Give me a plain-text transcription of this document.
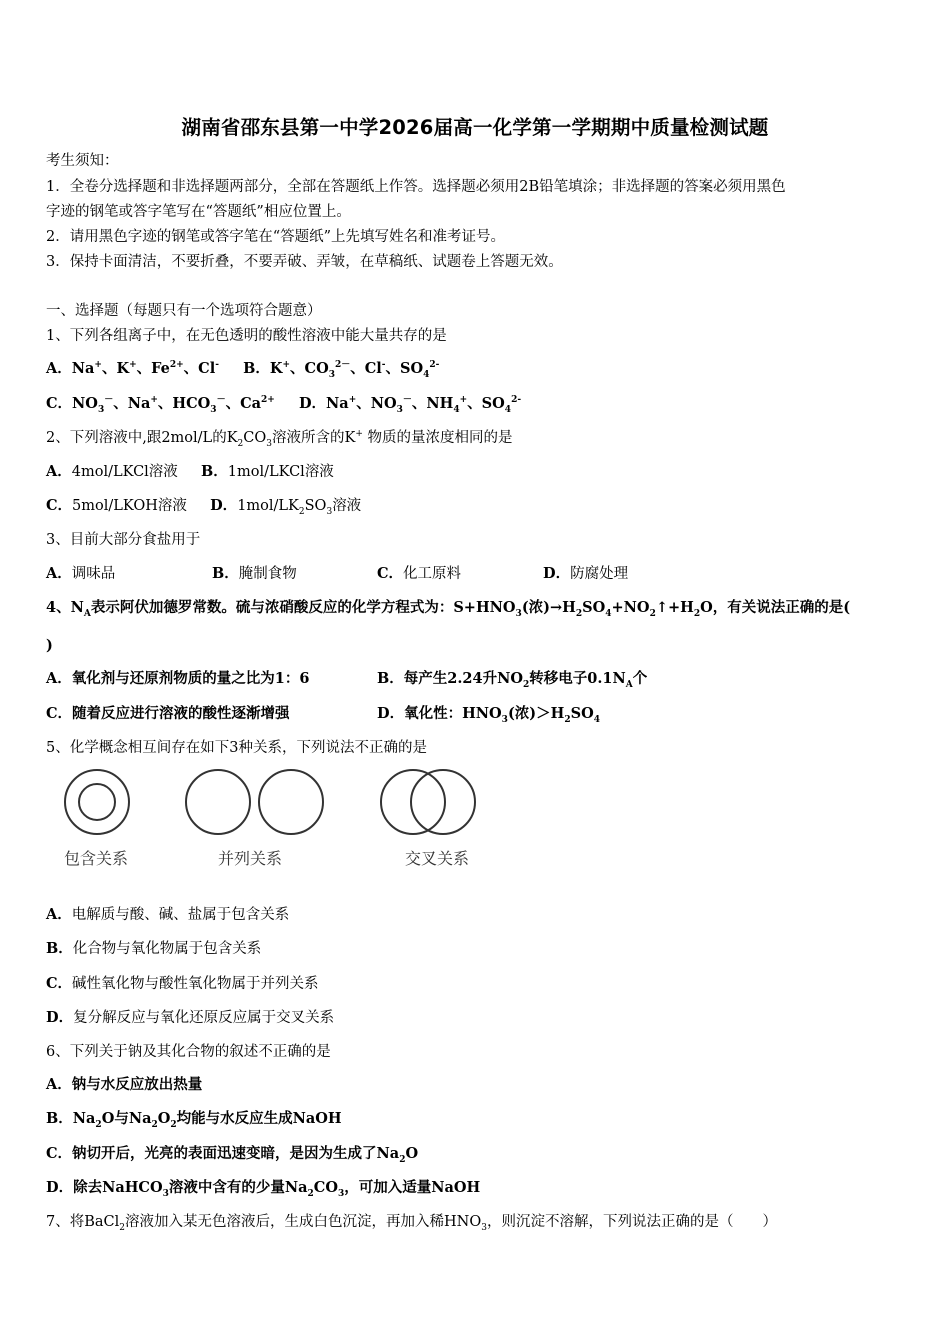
湖南省邵东县第一中学2026届高一化学第一学期期中质量检测试题
考生须知：
1．全卷分选择题和非选择题两部分，全部在答题纸上作答。选择题必须用2B铅笔填涂；非选择题的答案必须用黑色
字迹的钢笔或答字笔写在“答题纸”相应位置上。
2．请用黑色字迹的钢笔或答字笔在“答题纸”上先填写姓名和准考证号。
3．保持卡面清洁，不要折叠，不要弄破、弄皱，在草稿纸、试题卷上答题无效。
一、选择题（每题只有一个选项符合题意）
1、下列各组离子中，在无色透明的酸性溶液中能大量共存的是
A．Na+、K+、$Fe^{2+}$、Cl- B．K+、$CO_3^{2-}$、Cl-、$SO_4^{2-}$
C．$NO_3^-$、Na+、$HCO_3^-$、$Ca^{2+}$ D．Na+、$NO_3^-$、$NH_4^+$、$SO_4^{2-}$
2、下列溶液中,跟2mol/L的$K_2CO_3$溶液所含的K+ 物质的量浓度相同的是
A．4mol/LKCl溶液 B．1mol/LKCl溶液
C．5mol/LKOH溶液 D．$1mol/LK_2SO_3$溶液
3、目前大部分食盐用于
A．调味品	B．腌制食物	C．化工原料	D．防腐处理
4、$N_A$表示阿伏加德罗常数。硫与浓硝酸反应的化学方程式为：$S+HNO_3$(浓)$\to H_2SO_4+NO_2↑+H_2O$，有关说法正确的是(
)
A．氧化剂与还原剂物质的量之比为1：6	B．每产生2.24升$NO_2$转移电子$0.1N_A$个
C．随着反应进行溶液的酸性逐渐增强	D．氧化性：$HNO_3$(浓)$>H_2SO_4$
5、化学概念相互间存在如下3种关系，下列说法不正确的是
包含关系	并列关系	交叉关系
A．电解质与酸、碱、盐属于包含关系
B．化合物与氧化物属于包含关系
C．碱性氧化物与酸性氧化物属于并列关系
D．复分解反应与氧化还原反应属于交叉关系
6、下列关于钠及其化合物的叙述不正确的是
A．钠与水反应放出热量
B．$Na_2O$与$Na_2O_2$均能与水反应生成NaOH
C．钠切开后，光亮的表面迅速变暗，是因为生成了$Na_2O$
D．除去NaHCO$_3$溶液中含有的少量$Na_2CO_3$，可加入适量NaOH
7、将BaCl$_2$溶液加入某无色溶液后，生成白色沉淀，再加入稀$HNO_3$，则沉淀不溶解，下列说法正确的是（　　）
